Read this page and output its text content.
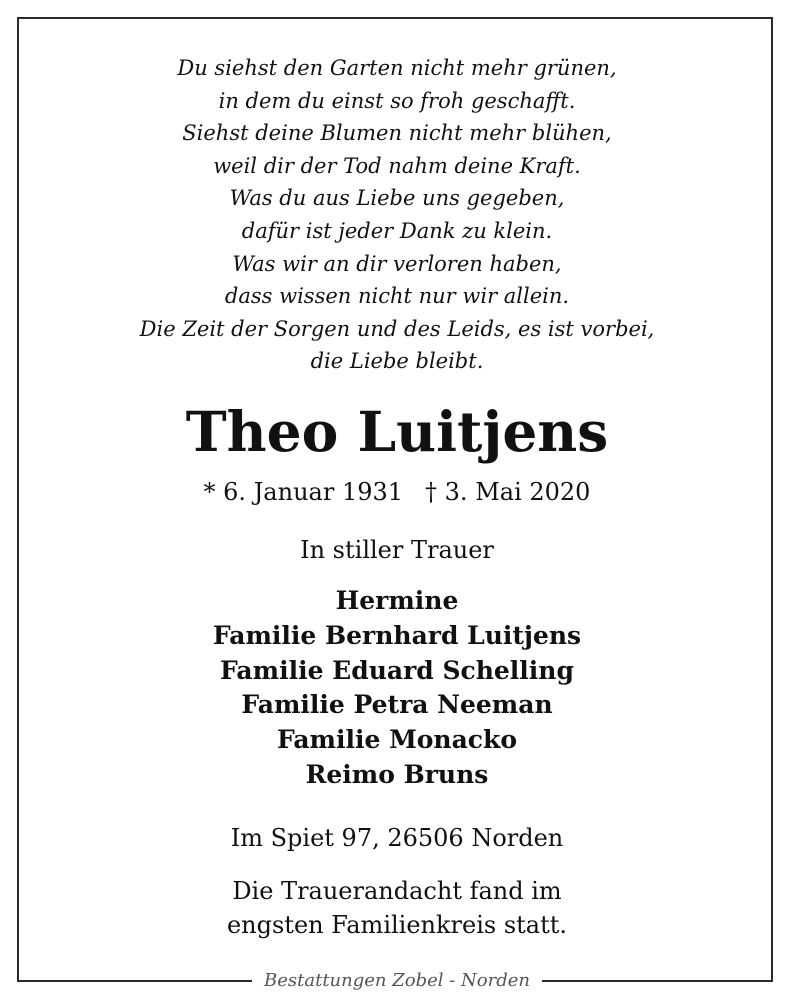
Du siehst den Garten nicht mehr grünen,
in dem du einst so froh geschafft.
Siehst deine Blumen nicht mehr blühen,
weil dir der Tod nahm deine Kraft.
Was du aus Liebe uns gegeben,
dafür ist jeder Dank zu klein.
Was wir an dir verloren haben,
dass wissen nicht nur wir allein.
Die Zeit der Sorgen und des Leids, es ist vorbei,
die Liebe bleibt.
Theo Luitjens
* 6. Januar 1931 † 3. Mai 2020
In stiller Trauer
Hermine
Familie Bernhard Luitjens
Familie Eduard Schelling
Familie Petra Neeman
Familie Monacko
Reimo Bruns
Im Spiet 97, 26506 Norden
Die Trauerandacht fand im
engsten Familienkreis statt.
Bestattungen Zobel - Norden
